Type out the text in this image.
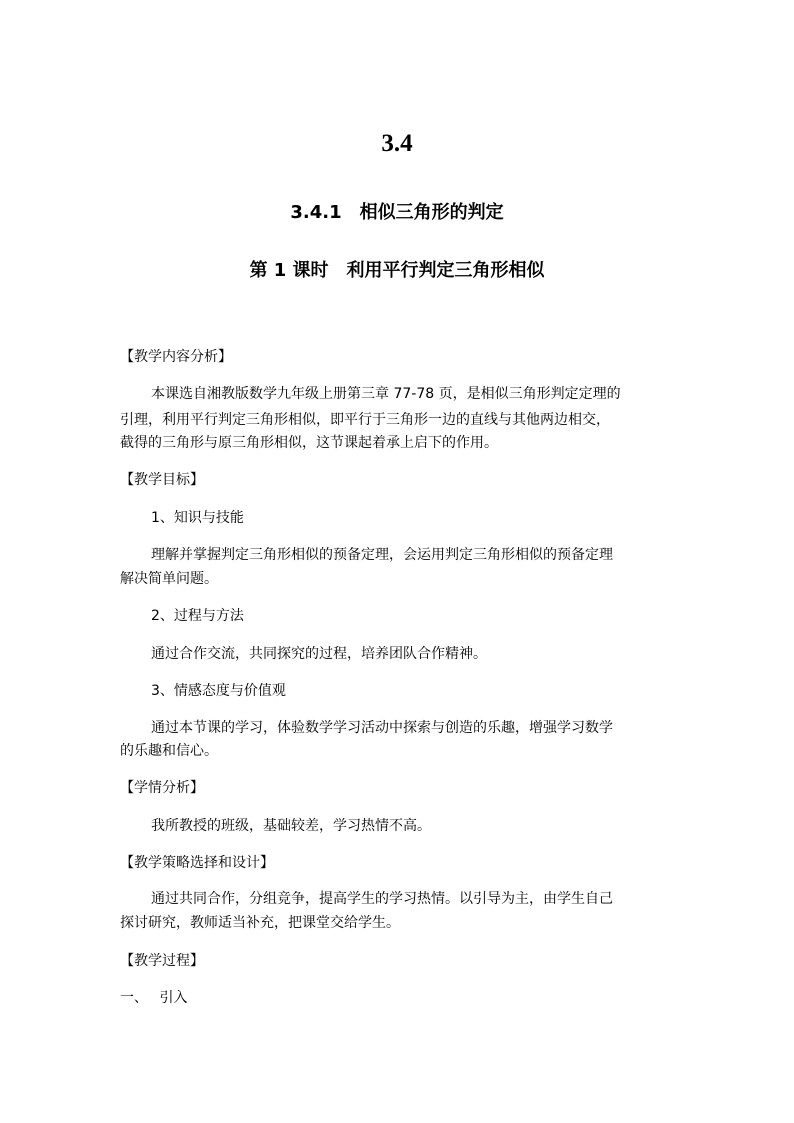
3.4
3.4.1　相似三角形的判定
第 1 课时　利用平行判定三角形相似
【教学内容分析】
本课选自湘教版数学九年级上册第三章 77-78 页，是相似三角形判定定理的
引理，利用平行判定三角形相似，即平行于三角形一边的直线与其他两边相交，
截得的三角形与原三角形相似，这节课起着承上启下的作用。
【教学目标】
1、知识与技能
理解并掌握判定三角形相似的预备定理，会运用判定三角形相似的预备定理
解决简单问题。
2、过程与方法
通过合作交流，共同探究的过程，培养团队合作精神。
3、情感态度与价值观
通过本节课的学习，体验数学学习活动中探索与创造的乐趣，增强学习数学
的乐趣和信心。
【学情分析】
我所教授的班级，基础较差，学习热情不高。
【教学策略选择和设计】
通过共同合作，分组竞争，提高学生的学习热情。以引导为主，由学生自己
探讨研究，教师适当补充，把课堂交给学生。
【教学过程】
一、　 引入
